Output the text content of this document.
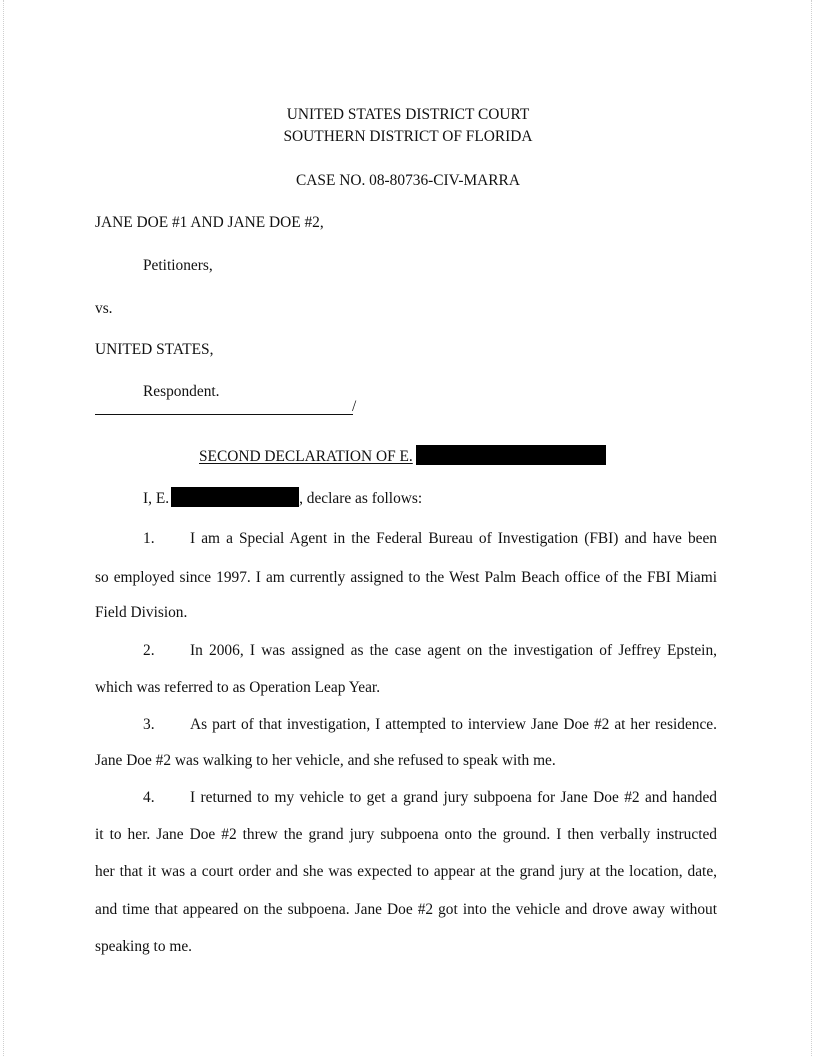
UNITED STATES DISTRICT COURT
SOUTHERN DISTRICT OF FLORIDA
CASE NO. 08-80736-CIV-MARRA
JANE DOE #1 AND JANE DOE #2,
Petitioners,
vs.
UNITED STATES,
Respondent.
/
SECOND DECLARATION OF E.
I, E.	, declare as follows:
1. I am a Special Agent in the Federal Bureau of Investigation (FBI) and have been
so employed since 1997. I am currently assigned to the West Palm Beach office of the FBI Miami
Field Division.
2. In 2006, I was assigned as the case agent on the investigation of Jeffrey Epstein,
which was referred to as Operation Leap Year.
3. As part of that investigation, I attempted to interview Jane Doe #2 at her residence.
Jane Doe #2 was walking to her vehicle, and she refused to speak with me.
4. I returned to my vehicle to get a grand jury subpoena for Jane Doe #2 and handed
it to her. Jane Doe #2 threw the grand jury subpoena onto the ground. I then verbally instructed
her that it was a court order and she was expected to appear at the grand jury at the location, date,
and time that appeared on the subpoena. Jane Doe #2 got into the vehicle and drove away without
speaking to me.
